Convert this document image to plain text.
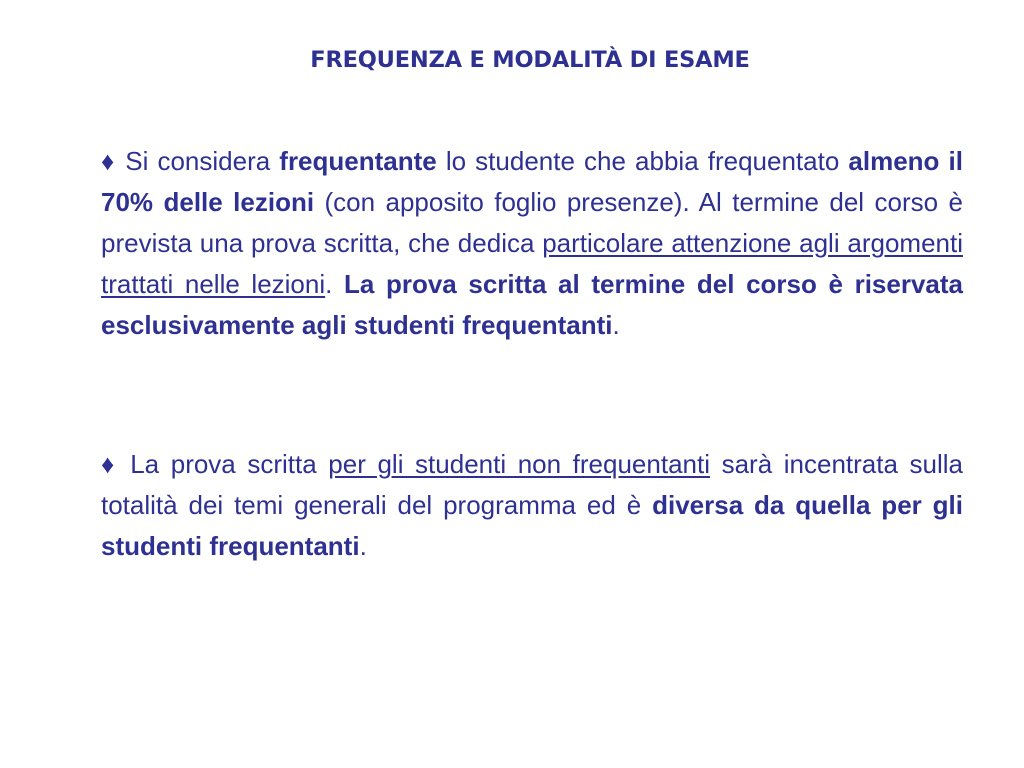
FREQUENZA E MODALITÀ DI ESAME
♦ Si considera frequentante lo studente che abbia frequentato almeno il 70% delle lezioni (con apposito foglio presenze). Al termine del corso è prevista una prova scritta, che dedica particolare attenzione agli argomenti trattati nelle lezioni. La prova scritta al termine del corso è riservata esclusivamente agli studenti frequentanti.
♦ La prova scritta per gli studenti non frequentanti sarà incentrata sulla totalità dei temi generali del programma ed è diversa da quella per gli studenti frequentanti.
